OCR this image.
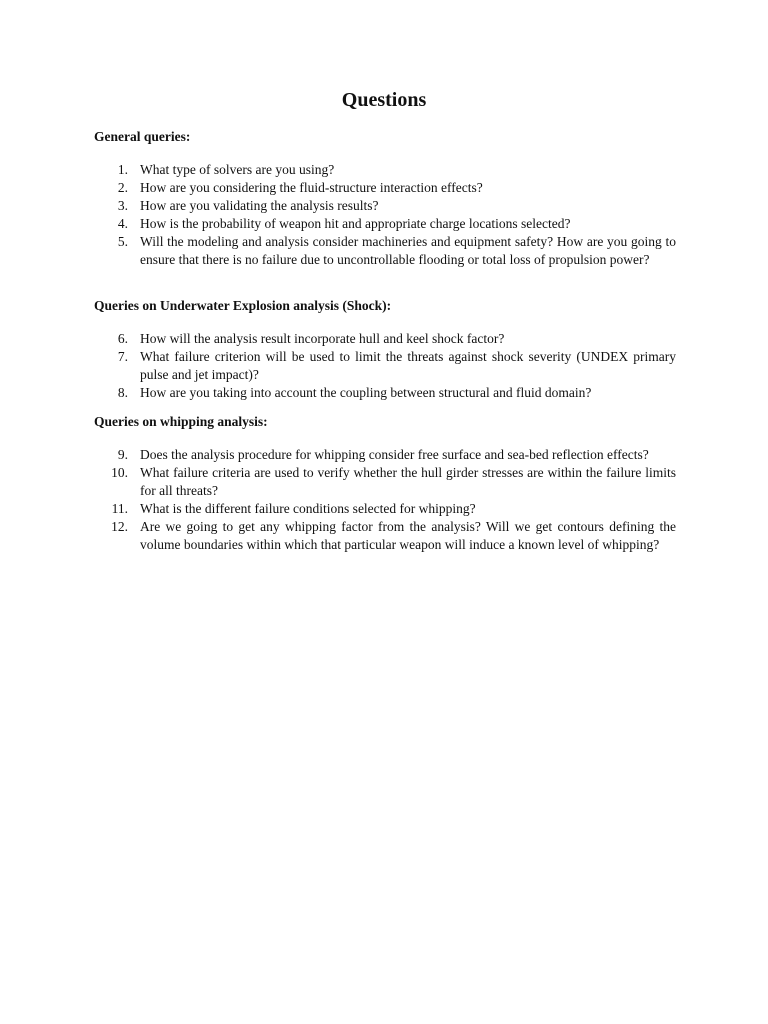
Questions

General queries:

1. What type of solvers are you using?
2. How are you considering the fluid-structure interaction effects?
3. How are you validating the analysis results?
4. How is the probability of weapon hit and appropriate charge locations selected?
5. Will the modeling and analysis consider machineries and equipment safety? How are you going to ensure that there is no failure due to uncontrollable flooding or total loss of propulsion power?

Queries on Underwater Explosion analysis (Shock):

6. How will the analysis result incorporate hull and keel shock factor?
7. What failure criterion will be used to limit the threats against shock severity (UNDEX primary pulse and jet impact)?
8. How are you taking into account the coupling between structural and fluid domain?

Queries on whipping analysis:

9. Does the analysis procedure for whipping consider free surface and sea-bed reflection effects?
10. What failure criteria are used to verify whether the hull girder stresses are within the failure limits for all threats?
11. What is the different failure conditions selected for whipping?
12. Are we going to get any whipping factor from the analysis? Will we get contours defining the volume boundaries within which that particular weapon will induce a known level of whipping?
